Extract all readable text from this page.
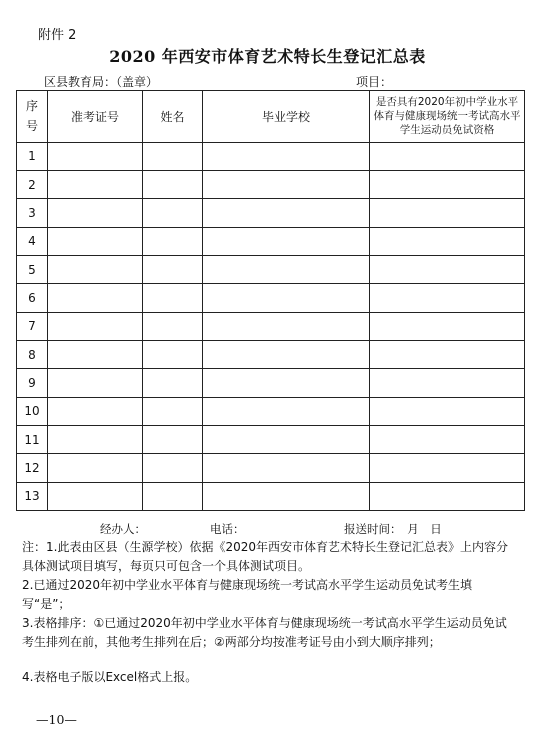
附件 2
2020 年西安市体育艺术特长生登记汇总表
区县教育局：（盖章）	项目：
序
号	准考证号	姓名	毕业学校	是否具有2020年初中学业水平体育与健康现场统一考试高水平学生运动员免试资格
1				
2				
3				
4				
5				
6				
7				
8				
9				
10				
11				
12				
13				
经办人：	电话：	报送时间：　月　日
注：1.此表由区县（生源学校）依据《2020年西安市体育艺术特长生登记汇总表》上内容分具体测试项目填写，每页只可包含一个具体测试项目。
2.已通过2020年初中学业水平体育与健康现场统一考试高水平学生运动员免试考生填写“是”；
3.表格排序：①已通过2020年初中学业水平体育与健康现场统一考试高水平学生运动员免试考生排列在前，其他考生排列在后；②两部分均按准考证号由小到大顺序排列；
4.表格电子版以Excel格式上报。
—10—
